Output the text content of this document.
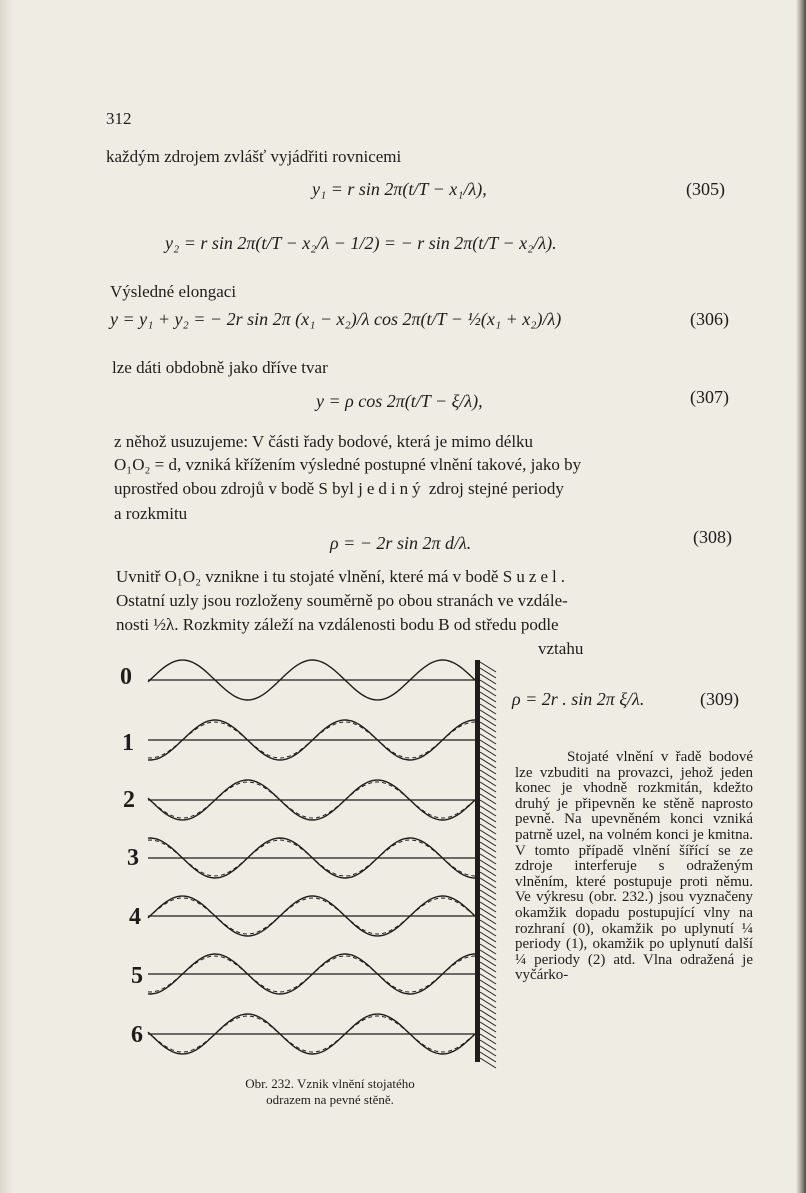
312
každým zdrojem zvlášť vyjádřiti rovnicemi
y₁ = r sin 2π(t/T − x₁/λ),	(305)
y₂ = r sin 2π(t/T − x₂/λ − 1/2) = − r sin 2π(t/T − x₂/λ).
Výsledné elongaci
y = y₁ + y₂ = − 2r sin 2π (x₁ − x₂)/λ cos 2π(t/T − ½(x₁ + x₂)/λ)	(306)
lze dáti obdobně jako dříve tvar
y = ρ cos 2π(t/T − ξ/λ),	(307)
z něhož usuzujeme: V části řady bodové, která je mimo délku
O₁O₂ = d, vzniká křížením výsledné postupné vlnění takové, jako by
uprostřed obou zdrojů v bodě S byl jediný zdroj stejné periody
a rozkmitu
ρ = − 2r sin 2π d/λ.	(308)
Uvnitř O₁O₂ vznikne i tu stojaté vlnění, které má v bodě S uzel.
Ostatní uzly jsou rozloženy souměrně po obou stranách ve vzdále-
nosti ½λ. Rozkmity záleží na vzdálenosti bodu B od středu podle
vztahu
ρ = 2r . sin 2π ξ/λ.	(309)
0
1
2
3
4
5
6
Obr. 232. Vznik vlnění stojatého
odrazem na pevné stěně.

Stojaté vlnění v řadě bodové lze vzbuditi na provazci, jehož jeden konec je vhodně rozkmitán, kdežto druhý je připevněn ke stěně naprosto pevně. Na upevněném konci vzniká patrně uzel, na volném konci je kmitna. V tomto případě vlnění šířící se ze zdroje interferuje s odraženým vlněním, které postupuje proti němu. Ve výkresu (obr. 232.) jsou vyznačeny okamžik dopadu postupující vlny na rozhraní (0), okamžik po uplynutí ¼ periody (1), okamžik po uplynutí další ¼ periody (2) atd. Vlna odražená je vyčárko-
